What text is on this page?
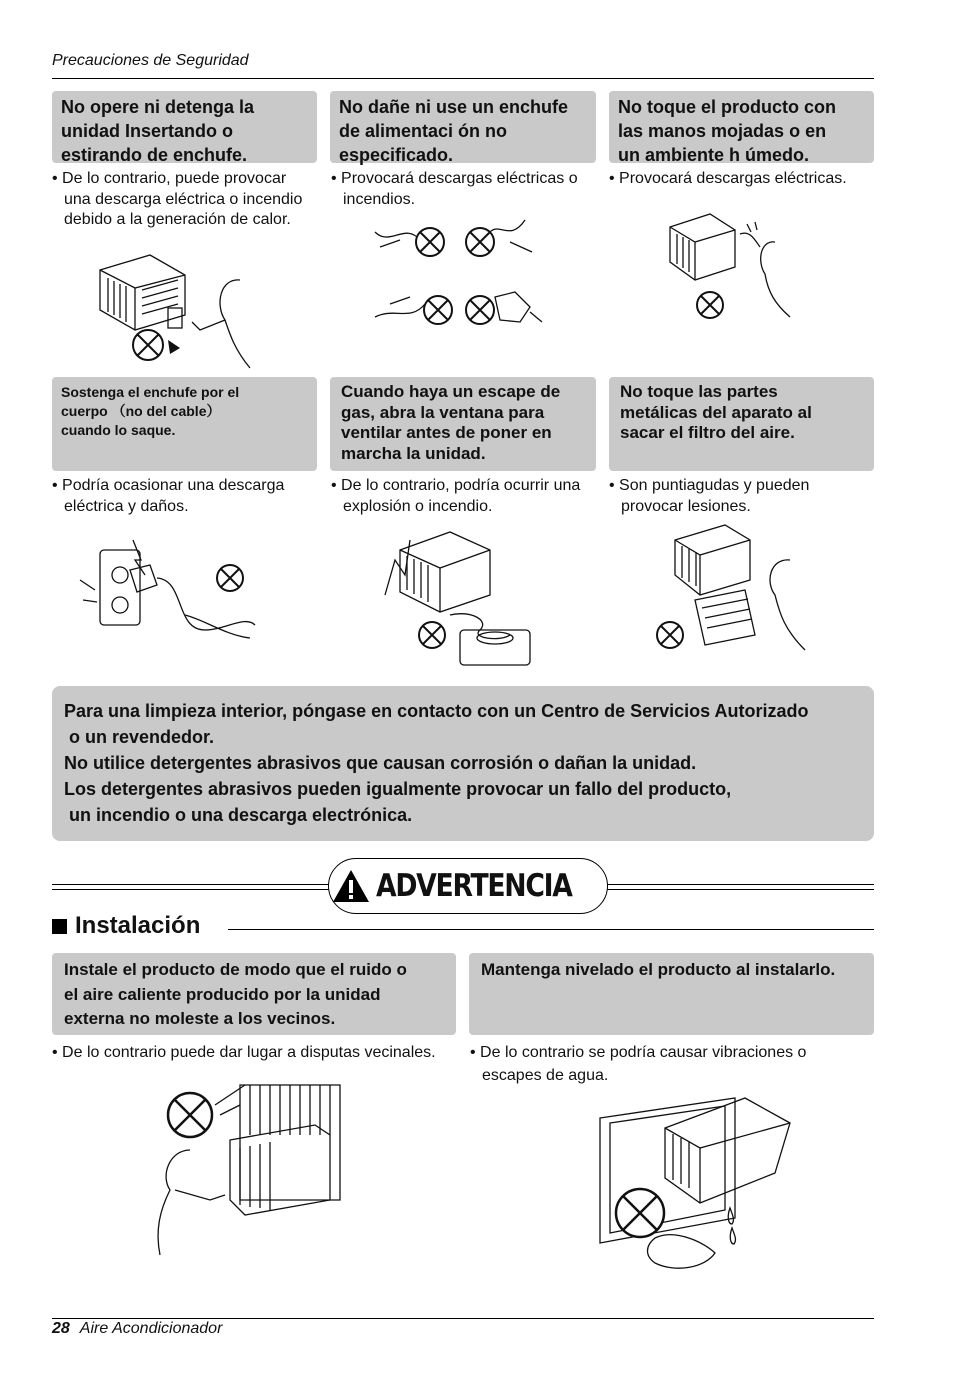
Precauciones de Seguridad
No opere ni detenga la
unidad Insertando o
estirando de enchufe.
No dañe ni use un enchufe
de alimentaci ón no
especificado.
No toque el producto con
las manos mojadas o en
un ambiente h úmedo.
• De lo contrario, puede provocar una descarga eléctrica o incendio debido a la generación de calor.
• Provocará descargas eléctricas o incendios.
• Provocará descargas eléctricas.
Sostenga el enchufe por el
cuerpo （no del cable）
cuando lo saque.
Cuando haya un escape de
gas, abra la ventana para
ventilar antes de poner en
marcha la unidad.
No toque las partes
metálicas del aparato al
sacar el filtro del aire.
• Podría ocasionar una descarga eléctrica y daños.
• De lo contrario, podría ocurrir una explosión o incendio.
• Son puntiagudas y pueden provocar lesiones.
Para una limpieza interior, póngase en contacto con un Centro de Servicios Autorizado
o un revendedor.
No utilice detergentes abrasivos que causan corrosión o dañan la unidad.
Los detergentes abrasivos pueden igualmente provocar un fallo del producto,
un incendio o una descarga electrónica.
ADVERTENCIA
Instalación
Instale el producto de modo que el ruido o
el aire caliente producido por la unidad
externa no moleste a los vecinos.
Mantenga nivelado el producto al instalarlo.
• De lo contrario puede dar lugar a disputas vecinales.	• De lo contrario se podría causar vibraciones o escapes de agua.
28 Aire Acondicionador
